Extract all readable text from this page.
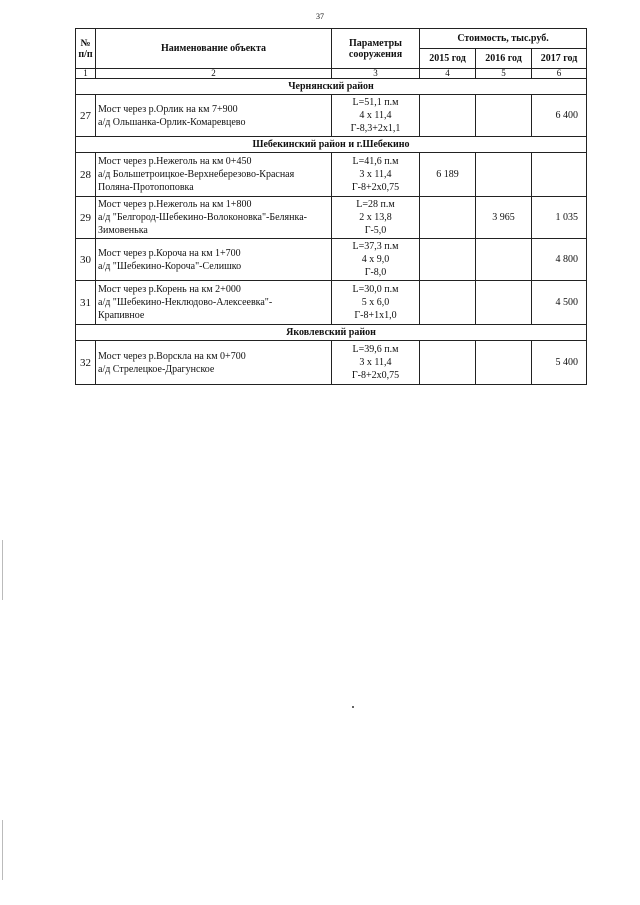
37
№ п/п	Наименование объекта	Параметры сооружения	Стоимость, тыс.руб.		
			2015 год	2016 год	2017 год
1	2	3	4	5	6
Чернянский район					
27	Мост через р.Орлик на км 7+900
а/д Ольшанка-Орлик-Комаревцево	L=51,1 п.м
4 х 11,4
Г-8,3+2х1,1			6 400
Шебекинский район и г.Шебекино					
28	Мост через р.Нежеголь на км 0+450
а/д Большетроицкое-Верхнеберезово-Красная
Поляна-Протопоповка	L=41,6 п.м
3 х 11,4
Г-8+2х0,75	6 189		
29	Мост через р.Нежеголь на км 1+800
а/д "Белгород-Шебекино-Волоконовка"-Белянка-
Зимовенька	L=28 п.м
2 х 13,8
Г-5,0		3 965	1 035
30	Мост через р.Короча на км 1+700
а/д "Шебекино-Короча"-Селишко	L=37,3 п.м
4 х 9,0
Г-8,0			4 800
31	Мост через р.Корень на км 2+000
а/д "Шебекино-Неклюдово-Алексеевка"-
Крапивное	L=30,0 п.м
5 х 6,0
Г-8+1х1,0			4 500
Яковлевский район					
32	Мост через р.Ворскла на км 0+700
а/д Стрелецкое-Драгунское	L=39,6 п.м
3 х 11,4
Г-8+2х0,75			5 400
